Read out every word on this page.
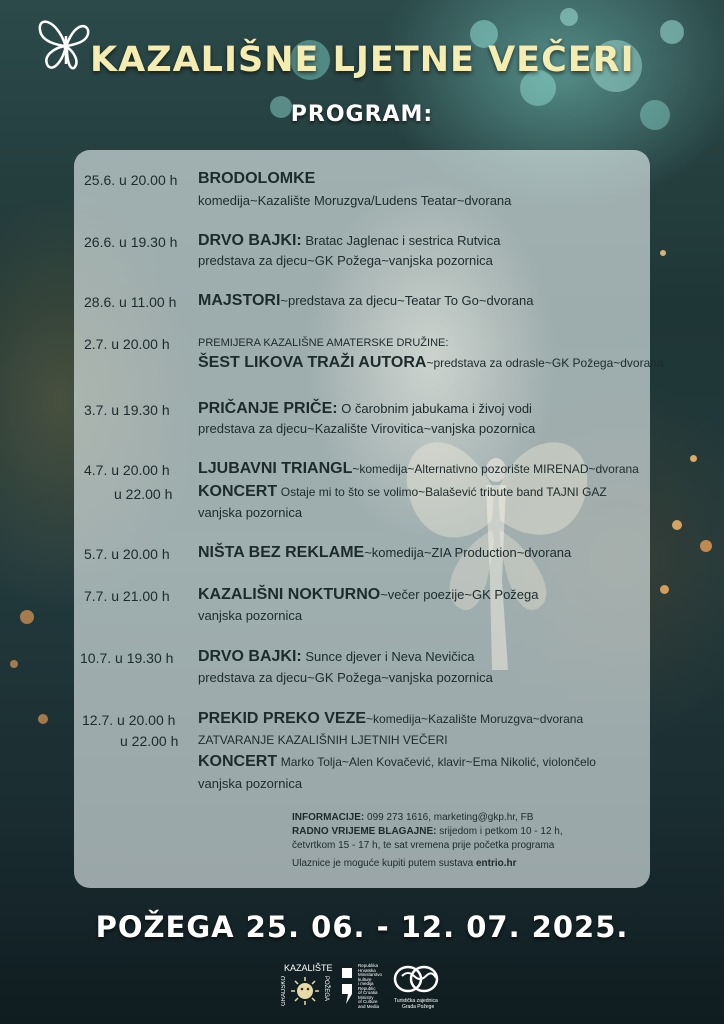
KAZALIŠNE LJETNE VEČERI
PROGRAM:
25.6. u 20.00 h BRODOLOMKE
komedija~Kazalište Moruzgva/Ludens Teatar~dvorana
26.6. u 19.30 h DRVO BAJKI: Bratac Jaglenac i sestrica Rutvica
predstava za djecu~GK Požega~vanjska pozornica
28.6. u 11.00 h MAJSTORI~predstava za djecu~Teatar To Go~dvorana
2.7. u 20.00 h	PREMIJERA KAZALIŠNE AMATERSKE DRUŽINE:
ŠEST LIKOVA TRAŽI AUTORA~predstava za odrasle~GK Požega~dvorana
3.7. u 19.30 h PRIČANJE PRIČE: O čarobnim jabukama i živoj vodi
predstava za djecu~Kazalište Virovitica~vanjska pozornica
4.7. u 20.00 h
u 22.00 h
LJUBAVNI TRIANGL~komedija~Alternativno pozorište MIRENAD~dvorana
KONCERT Ostaje mi to što se volimo~Balašević tribute band TAJNI GAZ
vanjska pozornica
5.7. u 20.00 h NIŠTA BEZ REKLAME~komedija~ZIA Production~dvorana
7.7. u 21.00 h KAZALIŠNI NOKTURNO~večer poezije~GK Požega
vanjska pozornica
10.7. u 19.30 h DRVO BAJKI: Sunce djever i Neva Nevičica
predstava za djecu~GK Požega~vanjska pozornica
12.7. u 20.00 h
u 22.00 h
PREKID PREKO VEZE~komedija~Kazalište Moruzgva~dvorana
ZATVARANJE KAZALIŠNIH LJETNIH VEČERI
KONCERT Marko Tolja~Alen Kovačević, klavir~Ema Nikolić, violončelo
vanjska pozornica
INFORMACIJE: 099 273 1616, marketing@gkp.hr, FB
RADNO VRIJEME BLAGAJNE: srijedom i petkom 10 - 12 h,
četvrtkom 15 - 17 h, te sat vremena prije početka programa
Ulaznice je moguće kupiti putem sustava entrio.hr
POŽEGA 25. 06. - 12. 07. 2025.
KAZALIŠTE
GRADSKO	POŽEGA
Republika
Hrvatska
Ministarstvo
kulture
i medija
Republic
of Croatia
Ministry
of Culture
and Media
Turistička zajednica
Grada Požege
